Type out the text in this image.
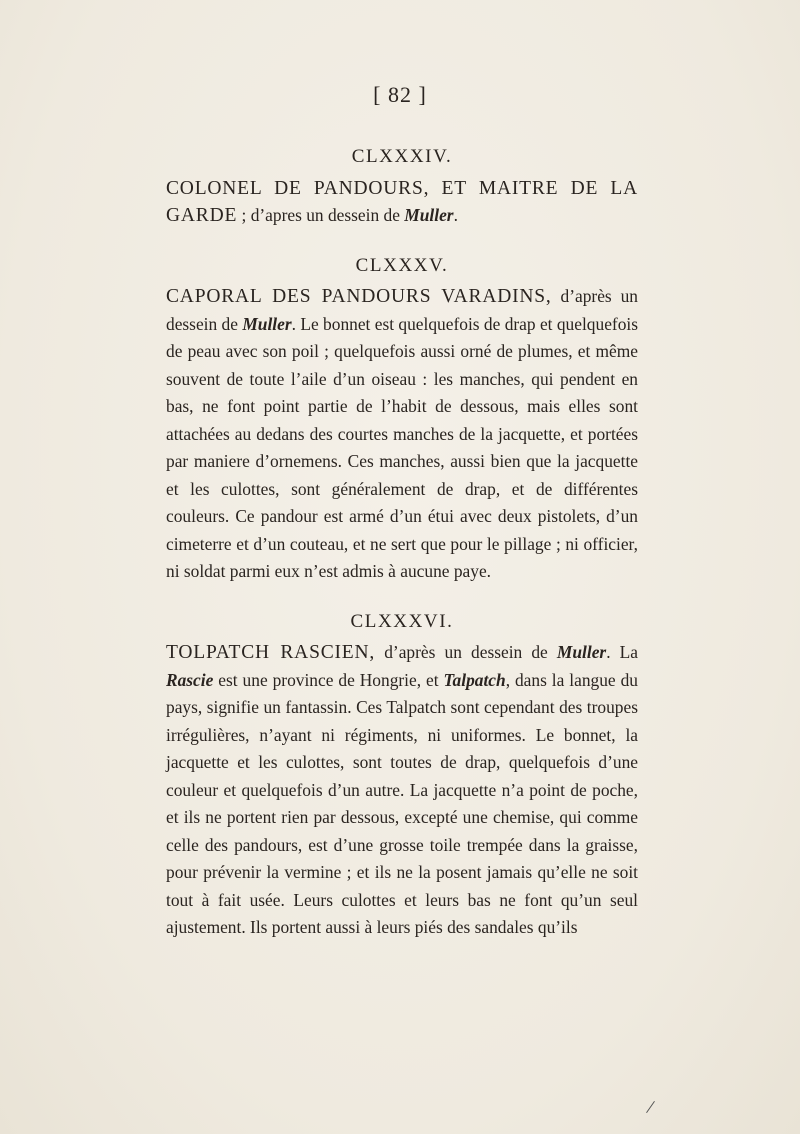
[ 82 ]
CLXXXIV.

COLONEL DE PANDOURS, ET MAITRE DE LA GARDE ; d’apres un dessein de Muller.

CLXXXV.

CAPORAL DES PANDOURS VARADINS, d’après un dessein de Muller. Le bonnet est quelquefois de drap et quelquefois de peau avec son poil ; quelquefois aussi orné de plumes, et même souvent de toute l’aile d’un oiseau : les manches, qui pendent en bas, ne font point partie de l’habit de dessous, mais elles sont attachées au dedans des courtes manches de la jacquette, et portées par maniere d’ornemens. Ces manches, aussi bien que la jacquette et les culottes, sont généralement de drap, et de différentes couleurs. Ce pandour est armé d’un étui avec deux pistolets, d’un cimeterre et d’un couteau, et ne sert que pour le pillage ; ni officier, ni soldat parmi eux n’est admis à aucune paye.

CLXXXVI.

TOLPATCH RASCIEN, d’après un dessein de Muller. La Rascie est une province de Hongrie, et Talpatch, dans la langue du pays, signifie un fantassin. Ces Talpatch sont cependant des troupes irrégulières, n’ayant ni régiments, ni uniformes. Le bonnet, la jacquette et les culottes, sont toutes de drap, quelquefois d’une couleur et quelquefois d’un autre. La jacquette n’a point de poche, et ils ne portent rien par dessous, excepté une chemise, qui comme celle des pandours, est d’une grosse toile trempée dans la graisse, pour prévenir la vermine ; et ils ne la posent jamais qu’elle ne soit tout à fait usée. Leurs culottes et leurs bas ne font qu’un seul ajustement. Ils portent aussi à leurs piés des sandales qu’ils
